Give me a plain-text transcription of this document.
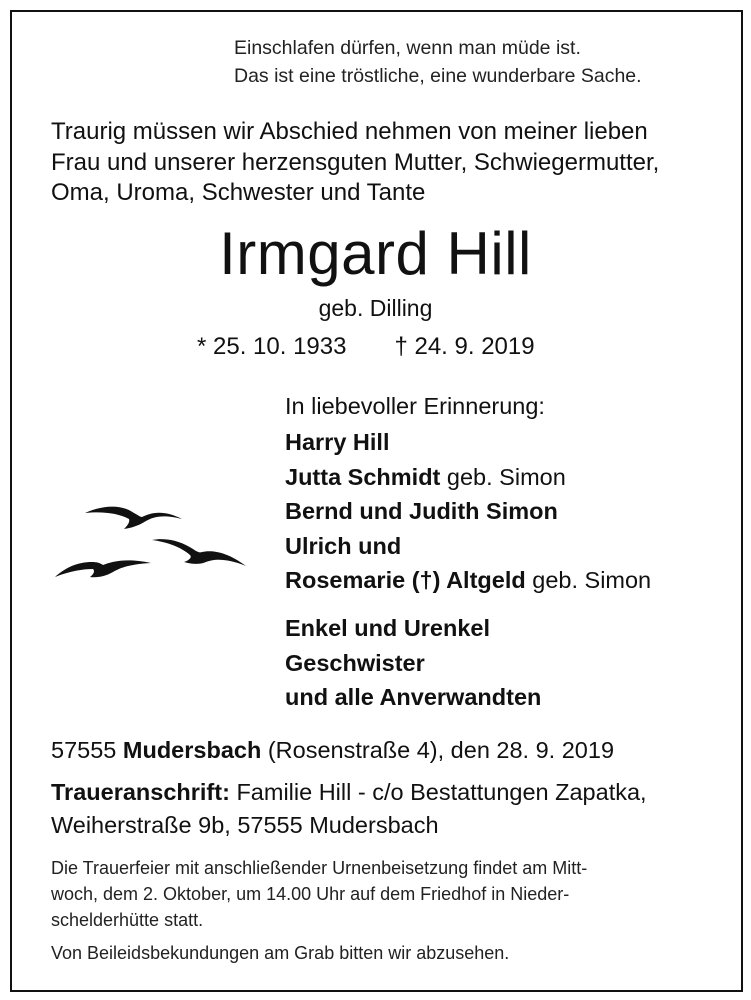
Einschlafen dürfen, wenn man müde ist.
Das ist eine tröstliche, eine wunderbare Sache.
Traurig müssen wir Abschied nehmen von meiner lieben
Frau und unserer herzensguten Mutter, Schwiegermutter,
Oma, Uroma, Schwester und Tante
Irmgard Hill
geb. Dilling
* 25. 10. 1933 † 24. 9. 2019
In liebevoller Erinnerung:
Harry Hill
Jutta Schmidt geb. Simon
Bernd und Judith Simon
Ulrich und
Rosemarie (†) Altgeld geb. Simon
Enkel und Urenkel
Geschwister
und alle Anverwandten
57555 Mudersbach (Rosenstraße 4), den 28. 9. 2019
Traueranschrift: Familie Hill - c/o Bestattungen Zapatka,
Weiherstraße 9b, 57555 Mudersbach
Die Trauerfeier mit anschließender Urnenbeisetzung findet am Mitt-
woch, dem 2. Oktober, um 14.00 Uhr auf dem Friedhof in Nieder-
schelderhütte statt.
Von Beileidsbekundungen am Grab bitten wir abzusehen.
